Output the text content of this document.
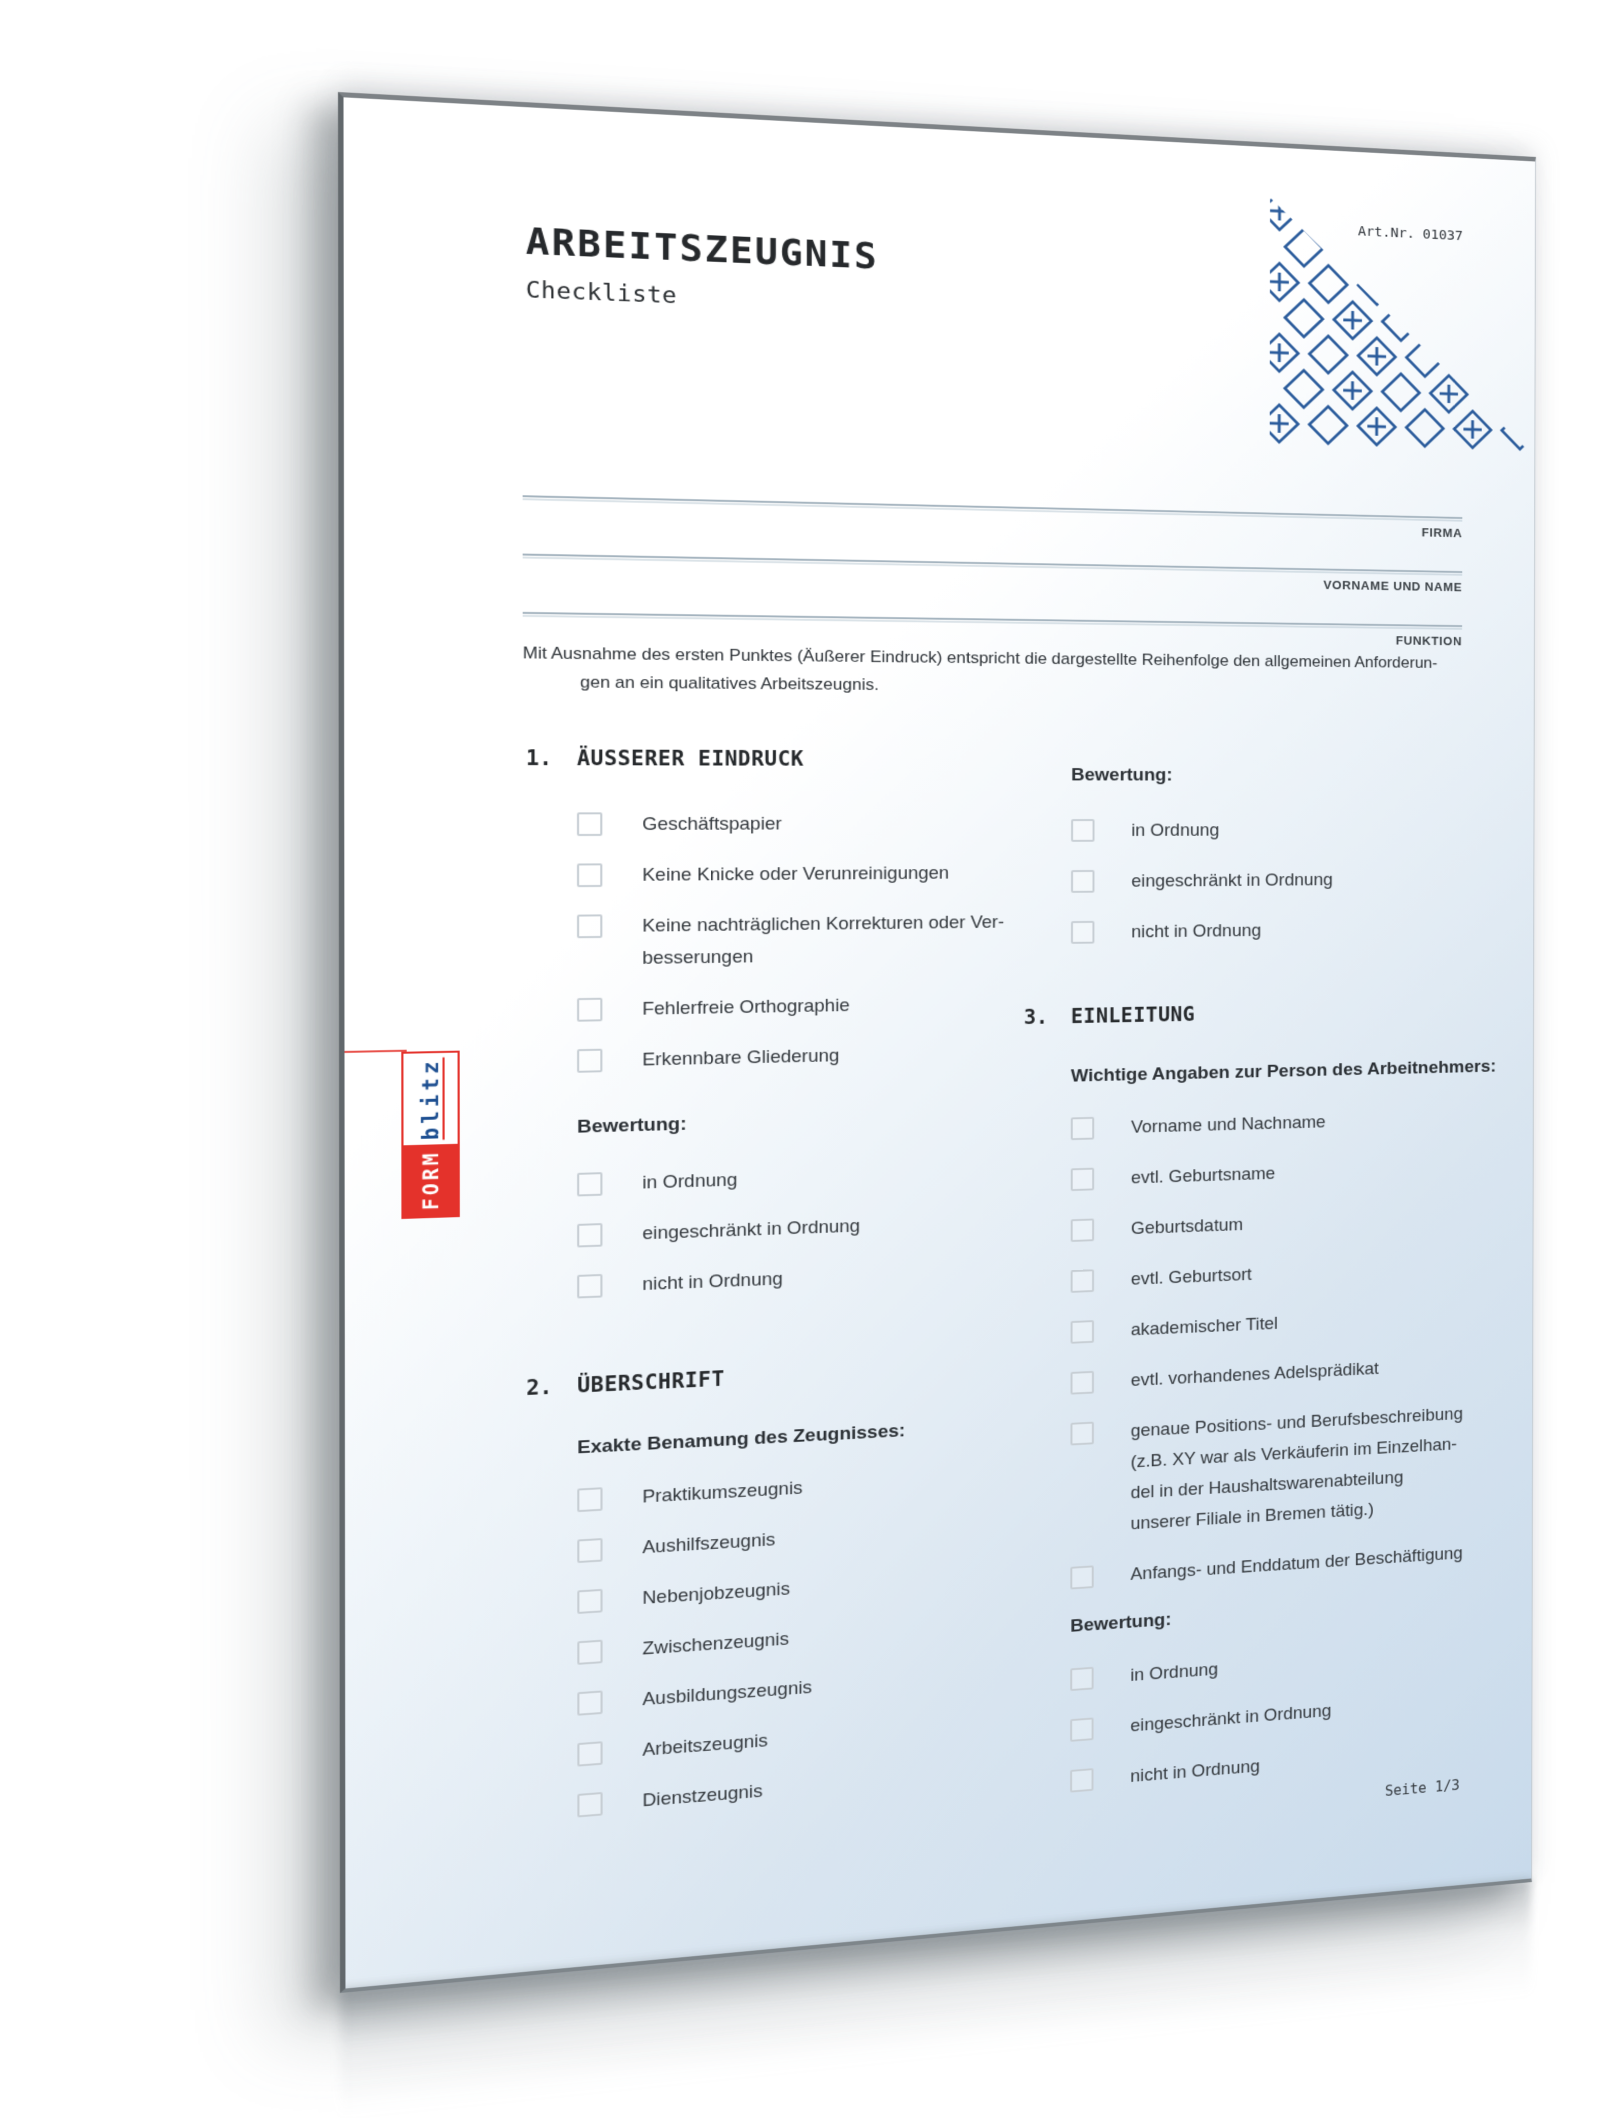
ARBEITSZEUGNIS
Checkliste
Art.Nr. 01037
FIRMA
VORNAME UND NAME
FUNKTION
Mit Ausnahme des ersten Punktes (Äußerer Eindruck) entspricht die dargestellte Reihenfolge den allgemeinen Anforderun-
gen an ein qualitatives Arbeitszeugnis.
1.	ÄUSSERER EINDRUCK
Geschäftspapier
Keine Knicke oder Verunreinigungen
Keine nachträglichen Korrekturen oder Ver-
besserungen
Fehlerfreie Orthographie
Erkennbare Gliederung
Bewertung:
in Ordnung
eingeschränkt in Ordnung
nicht in Ordnung
2.	ÜBERSCHRIFT
Exakte Benamung des Zeugnisses:
Praktikumszeugnis
Aushilfszeugnis
Nebenjobzeugnis
Zwischenzeugnis
Ausbildungszeugnis
Arbeitszeugnis
Dienstzeugnis
Bewertung:
in Ordnung
eingeschränkt in Ordnung
nicht in Ordnung
3.	EINLEITUNG
Wichtige Angaben zur Person des Arbeitnehmers:
Vorname und Nachname
evtl. Geburtsname
Geburtsdatum
evtl. Geburtsort
akademischer Titel
evtl. vorhandenes Adelsprädikat
genaue Positions- und Berufsbeschreibung
(z.B. XY war als Verkäuferin im Einzelhan-
del in der Haushaltswarenabteilung
unserer Filiale in Bremen tätig.)
Anfangs- und Enddatum der Beschäftigung
Bewertung:
in Ordnung
eingeschränkt in Ordnung
nicht in Ordnung
FORM
blitz
Seite 1/3
